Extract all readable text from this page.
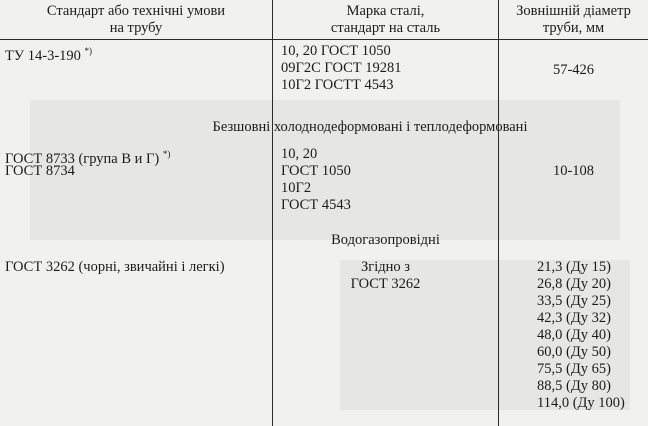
Стандарт або технічні умови
на трубу
Марка сталі,
стандарт на сталь
Зовнішній діаметр
труби, мм
ТУ 14-3-190 *)	10, 20 ГОСТ 1050
09Г2С ГОСТ 19281
10Г2 ГОСТТ 4543
57-426
Безшовні холоднодеформовані і теплодеформовані
ГОСТ 8733 (група В и Г) *)
ГОСТ 8734
10, 20
ГОСТ 1050
10Г2
ГОСТ 4543
10-108
Водогазопровідні
ГОСТ 3262 (чорні, звичайні і легкі)	Згідно з
ГОСТ 3262
21,3 (Ду 15)
26,8 (Ду 20)
33,5 (Ду 25)
42,3 (Ду 32)
48,0 (Ду 40)
60,0 (Ду 50)
75,5 (Ду 65)
88,5 (Ду 80)
114,0 (Ду 100)
